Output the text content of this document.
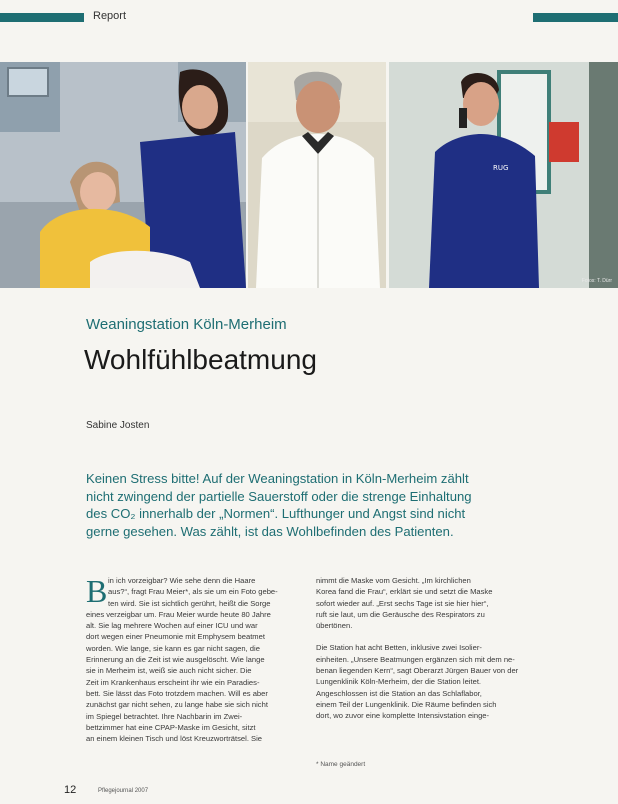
Report
RUG
Fotos: T. Dürr
Weaningstation Köln-Merheim
Wohlfühlbeatmung
Sabine Josten

Keinen Stress bitte! Auf der Weaningstation in Köln-Merheim zählt

nicht zwingend der partielle Sauerstoff oder die strenge Einhaltung

des CO₂ innerhalb der „Normen“. Lufthunger und Angst sind nicht

gerne gesehen. Was zählt, ist das Wohlbefinden des Patienten.

B in ich vorzeigbar? Wie sehe denn die Haare

aus?“, fragt Frau Meier*, als sie um ein Foto gebe-

ten wird. Sie ist sichtlich gerührt, heißt die Sorge

eines verzeigbar um. Frau Meier wurde heute 80 Jahre

alt. Sie lag mehrere Wochen auf einer ICU und war

dort wegen einer Pneumonie mit Emphysem beatmet

worden. Wie lange, sie kann es gar nicht sagen, die

Erinnerung an die Zeit ist wie ausgelöscht. Wie lange

sie in Merheim ist, weiß sie auch nicht sicher. Die

Zeit im Krankenhaus erscheint ihr wie ein Paradies-

bett. Sie lässt das Foto trotzdem machen. Will es aber

zunächst gar nicht sehen, zu lange habe sie sich nicht

im Spiegel betrachtet. Ihre Nachbarin im Zwei-

bettzimmer hat eine CPAP-Maske im Gesicht, sitzt

an einem kleinen Tisch und löst Kreuzworträtsel. Sie

nimmt die Maske vom Gesicht. „Im kirchlichen

Korea fand die Frau“, erklärt sie und setzt die Maske

sofort wieder auf. „Erst sechs Tage ist sie hier hier“,

ruft sie laut, um die Geräusche des Respirators zu

übertönen.

Die Station hat acht Betten, inklusive zwei Isolier-

einheiten. „Unsere Beatmungen ergänzen sich mit dem ne-

benan liegenden Kern“, sagt Oberarzt Jürgen Bauer von der

Lungenklinik Köln-Merheim, der die Station leitet.

Angeschlossen ist die Station an das Schlaflabor,

einem Teil der Lungenklinik. Die Räume befinden sich

dort, wo zuvor eine komplette Intensivstation einge-

* Name geändert
12	Pflegejournal 2007
